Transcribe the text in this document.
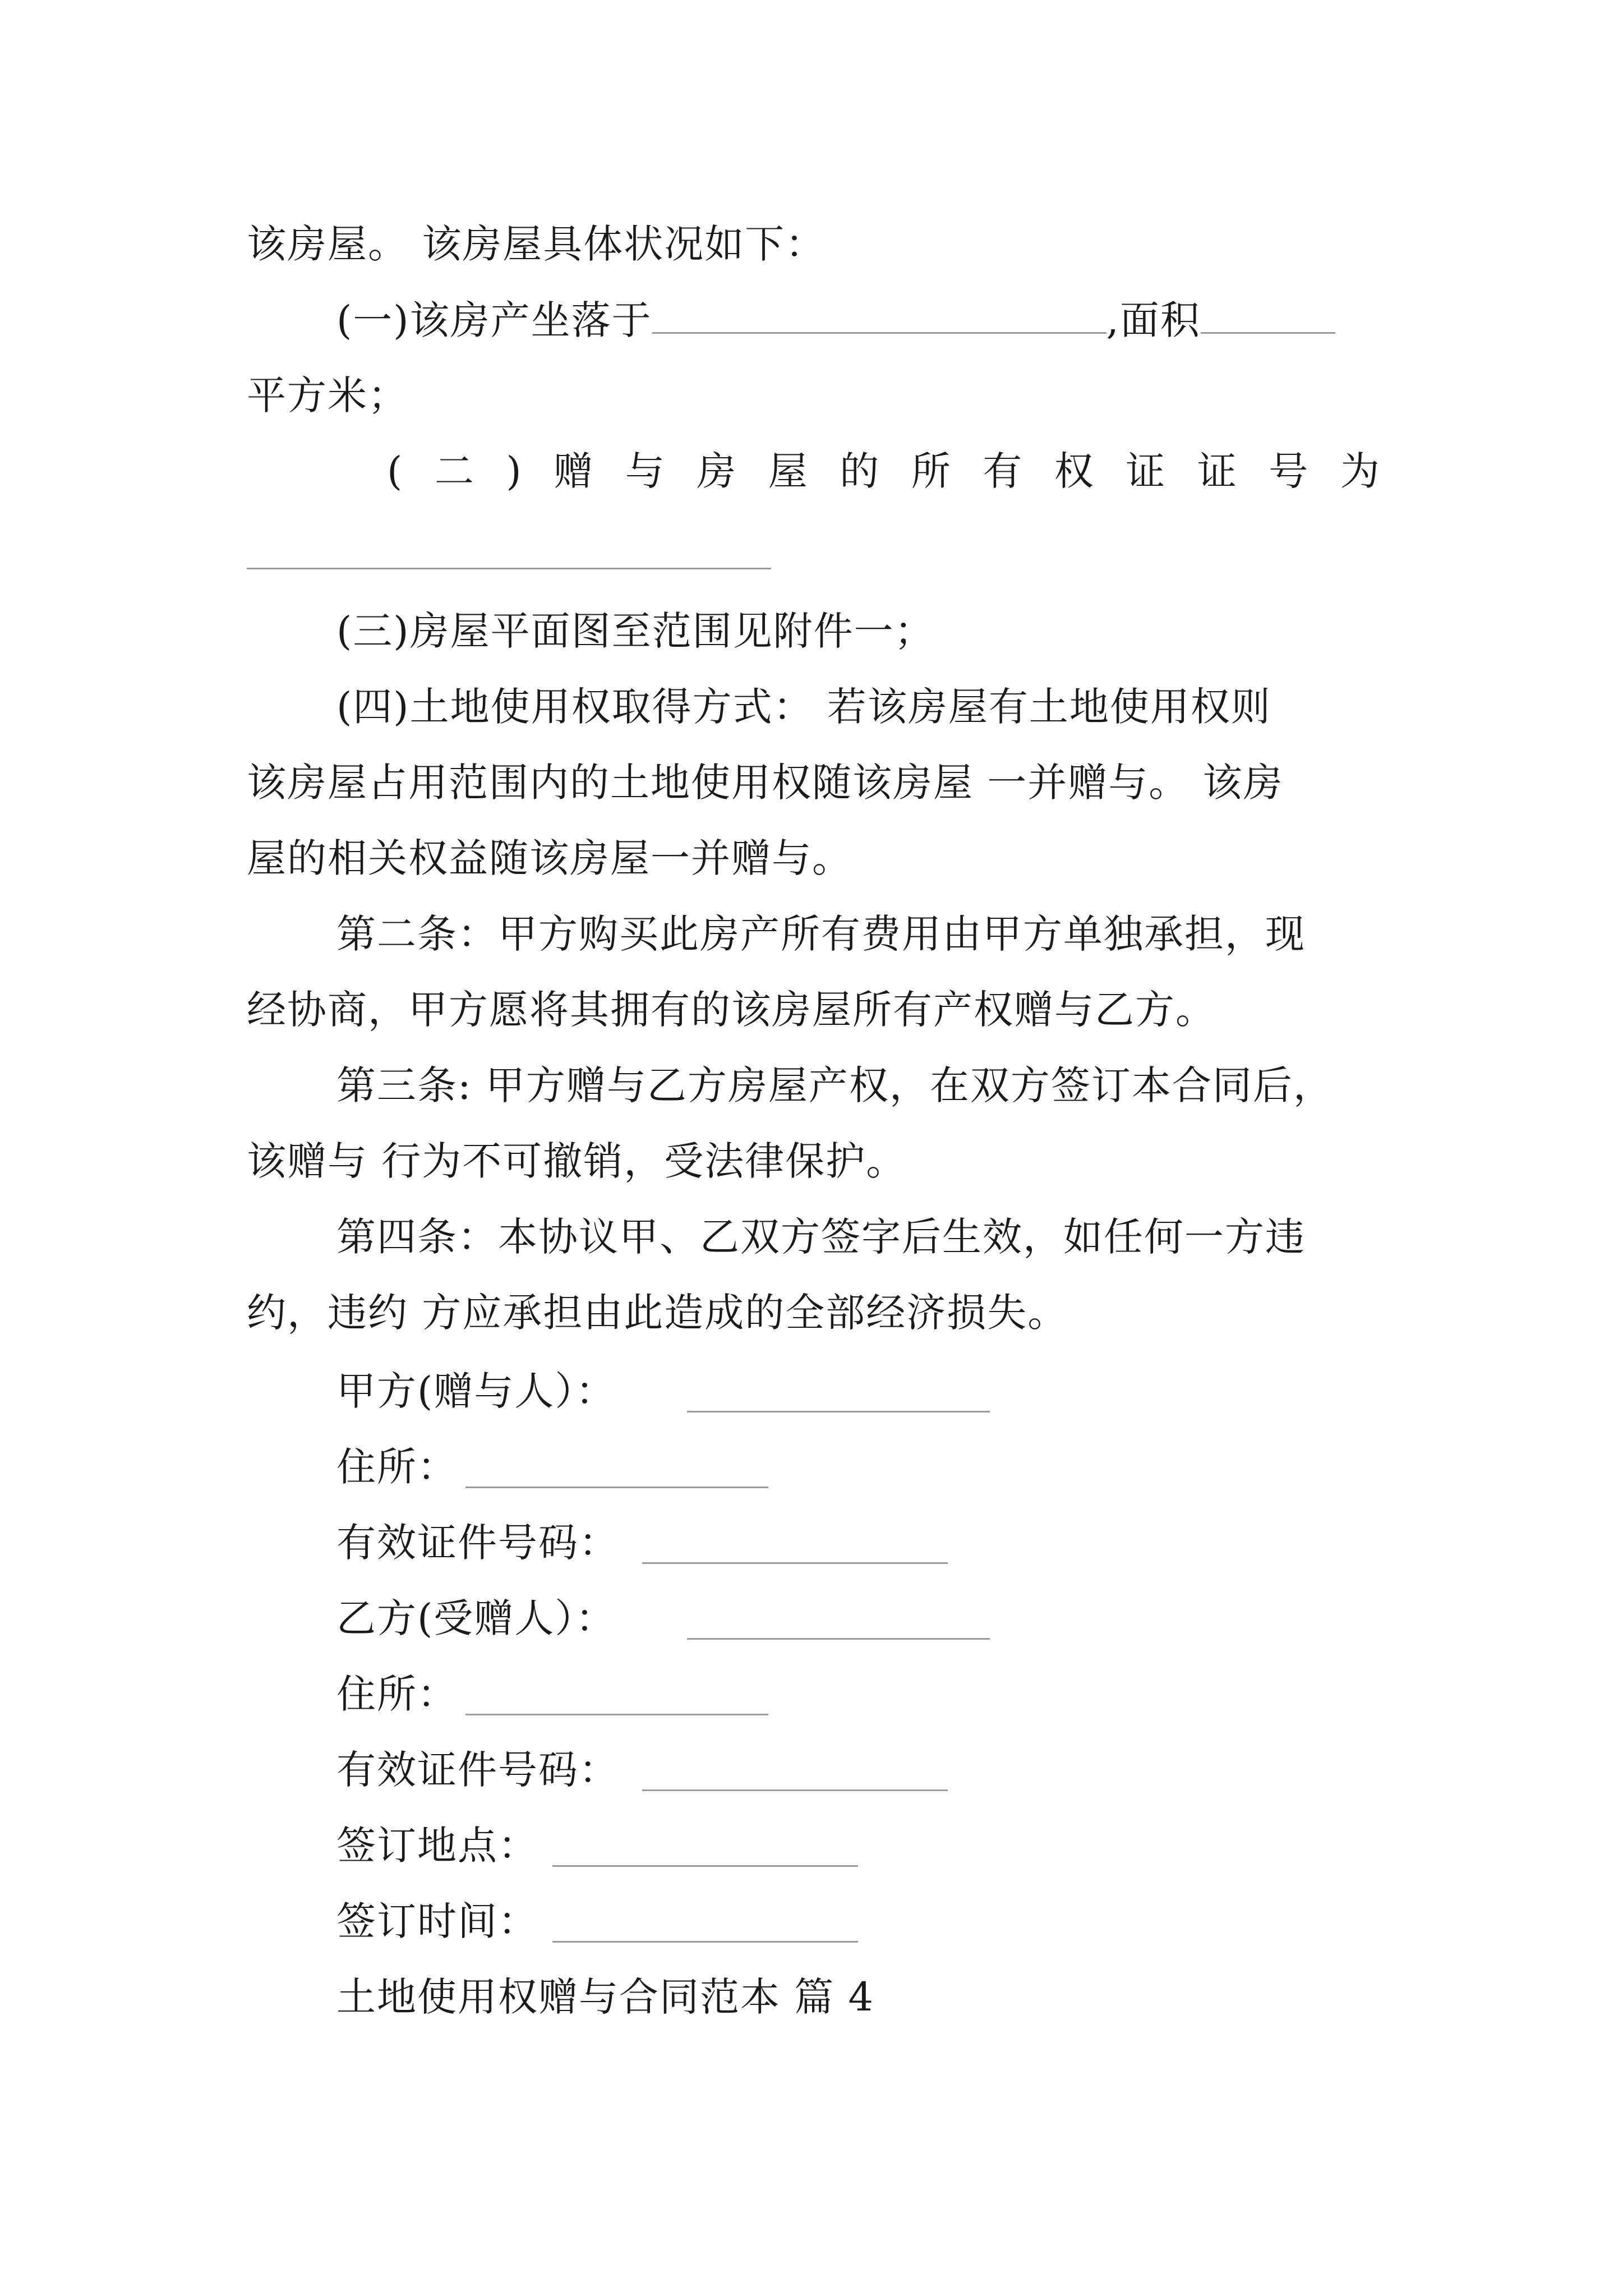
该房屋。 该房屋具体状况如下：
(一)该房产坐落于	,面积
平方米；
( 二 ) 赠 与 房 屋 的 所 有 权 证 证 号 为
(三)房屋平面图至范围见附件一；
(四)土地使用权取得方式： 若该房屋有土地使用权则
该房屋占用范围内的土地使用权随该房屋 一并赠与。 该房
屋的相关权益随该房屋一并赠与。
第二条：甲方购买此房产所有费用由甲方单独承担，现
经协商，甲方愿将其拥有的该房屋所有产权赠与乙方。
第三条: 甲方赠与乙方房屋产权，在双方签订本合同后，
该赠与 行为不可撤销，受法律保护。
第四条：本协议甲、乙双方签字后生效，如任何一方违
约，违约 方应承担由此造成的全部经济损失。
甲方(赠与人）：
住所：
有效证件号码：
乙方(受赠人）：
住所：
有效证件号码：
签订地点：
签订时间：
土地使用权赠与合同范本 篇 4
